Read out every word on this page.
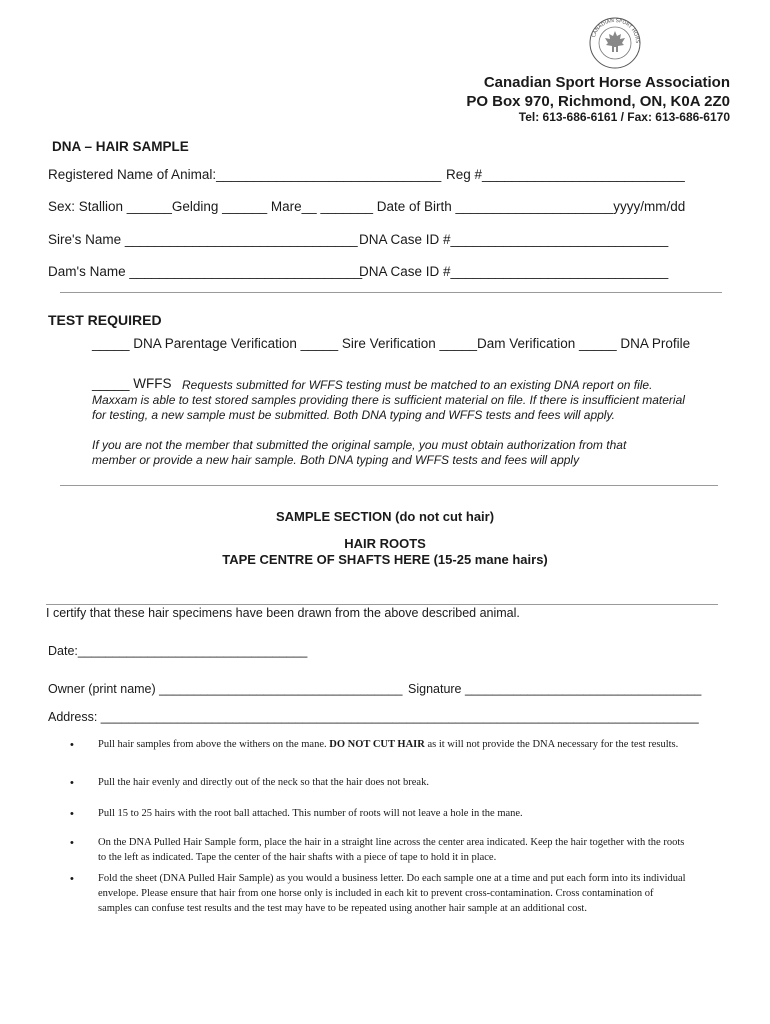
CANADIAN SPORT HORS
Canadian Sport Horse Association
PO Box 970, Richmond, ON, K0A 2Z0
Tel: 613-686-6161 / Fax: 613-686-6170
DNA – HAIR SAMPLE
Registered Name of Animal:______________________________ Reg #___________________________
Sex: Stallion ______Gelding ______ Mare__ _______ Date of Birth _____________________yyyy/mm/dd
Sire's Name _______________________________ DNA Case ID #_____________________________
Dam's Name _______________________________
DNA Case ID #_____________________________
TEST REQUIRED
_____ DNA Parentage Verification _____ Sire Verification _____Dam Verification _____ DNA Profile
_____ WFFS Requests submitted for WFFS testing must be matched to an existing DNA report on file.
Maxxam is able to test stored samples providing there is sufficient material on file. If there is insufficient material for testing, a new sample must be submitted. Both DNA typing and WFFS tests and fees will apply.
If you are not the member that submitted the original sample, you must obtain authorization from that member or provide a new hair sample. Both DNA typing and WFFS tests and fees will apply
SAMPLE SECTION (do not cut hair)
HAIR ROOTS
TAPE CENTRE OF SHAFTS HERE (15-25 mane hairs)
I certify that these hair specimens have been drawn from the above described animal.
Date:_________________________________
Owner (print name) ___________________________________ Signature __________________________________
Address: ______________________________________________________________________________________
• Pull hair samples from above the withers on the mane. DO NOT CUT HAIR as it will not provide the DNA necessary for the test results.
• Pull the hair evenly and directly out of the neck so that the hair does not break.
• Pull 15 to 25 hairs with the root ball attached. This number of roots will not leave a hole in the mane.
• On the DNA Pulled Hair Sample form, place the hair in a straight line across the center area indicated. Keep the hair together with the roots to the left as indicated. Tape the center of the hair shafts with a piece of tape to hold it in place.
• Fold the sheet (DNA Pulled Hair Sample) as you would a business letter. Do each sample one at a time and put each form into its individual envelope. Please ensure that hair from one horse only is included in each kit to prevent cross-contamination. Cross contamination of samples can confuse test results and the test may have to be repeated using another hair sample at an additional cost.
